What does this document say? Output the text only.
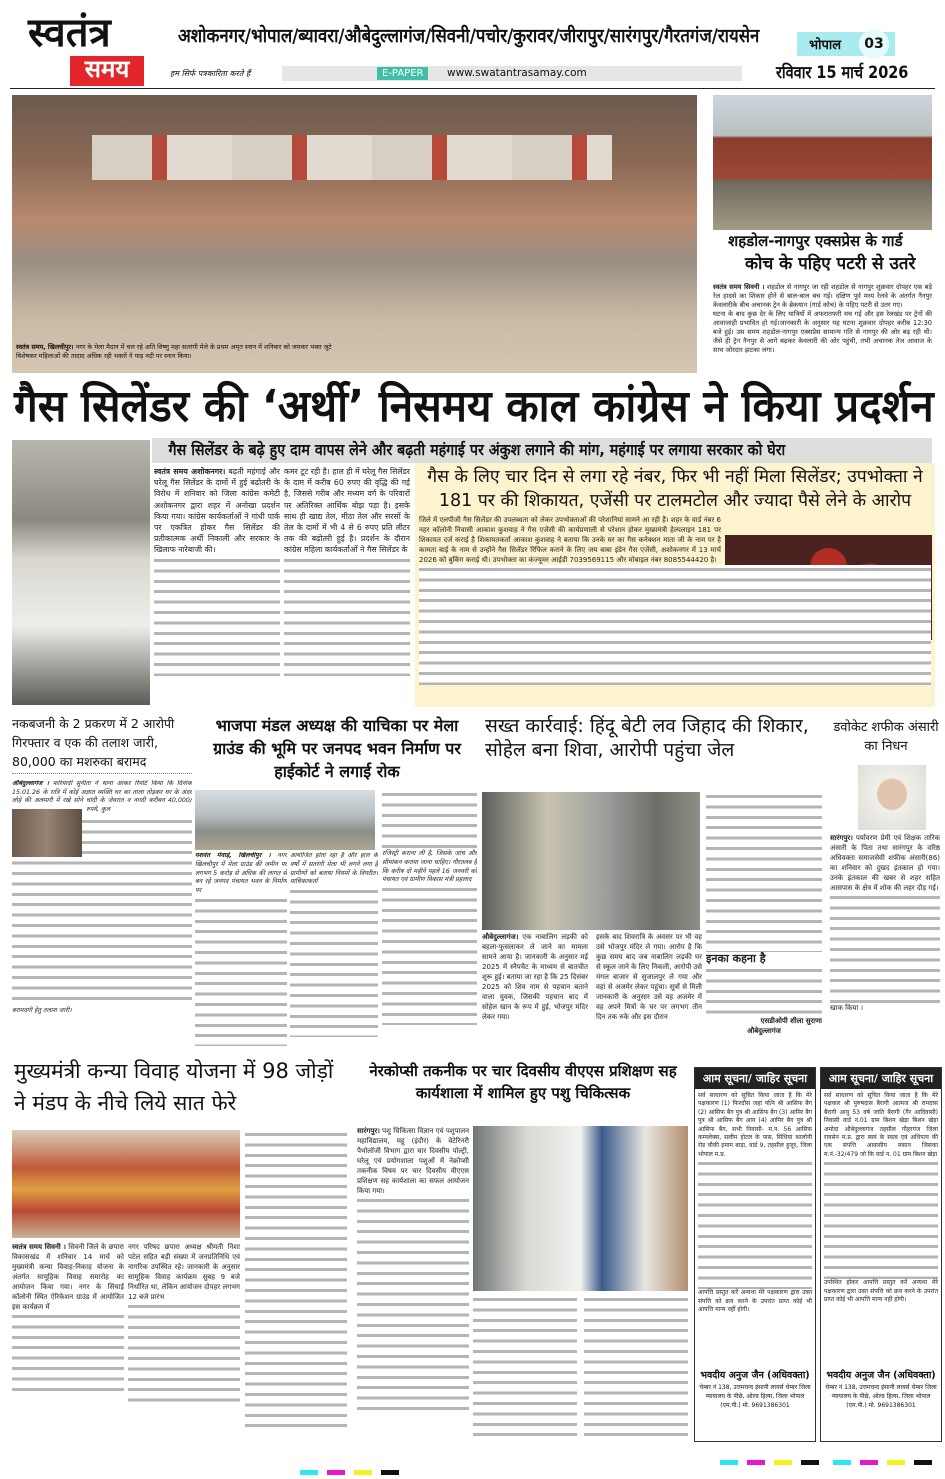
स्वतंत्र
समय
अशोकनगर/भोपाल/ब्यावरा/औबेदुल्लागंज/सिवनी/पचोर/कुरावर/जीरापुर/सारंगपुर/गैरतगंज/रायसेन	भोपाल	03
हम सिर्फ पत्रकारिता करते हैं	E-PAPER	www.swatantrasamay.com	रविवार 15 मार्च 2026
स्वतंत्र समय, खिलचीपुर। नगर के मेला मैदान में चल रहे अति विष्णु महा सतरंगी मेले के प्रथम अमृत स्नान में शनिवार को जमकर भक्त जुटे विशेषकर महिलाओं की तादाद अधिक रही भक्तों ने पाड़ नदी पर स्नान किया।
शहडोल-नागपुर एक्सप्रेस के गार्ड
कोच के पहिए पटरी से उतरे
स्वतंत्र समय सिवनी । शहडोल से नागपुर जा रही शहडोल से नागपुर शुक्रवार दोपहर एक बड़े रेल हादसे का शिकार होने से बाल-बाल बच गई। दक्षिण पूर्व मध्य रेलवे के अंतर्गत नैनपुर केवलारीके बीच अचानक ट्रेन के ब्रेकयान (गार्ड कोच) के पहिए पटरी से उतर गए।
घटना के बाद कुछ देर के लिए यात्रियों में अफरातफरी मच गई और इस रेलखंड पर ट्रेनों की आवाजाही प्रभावित हो गई।जानकारी के अनुसार यह घटना शुक्रवार दोपहर करीब 12:30 बजे हुई। उस समय शहडोल-नागपुर एक्सप्रेस सामान्य गति से नागपुर की ओर बढ़ रही थी। जैसे ही ट्रेन नैनपुर से आगे बढ़कर केवलारी की ओर पहुंची, तभी अचानक तेज आवाज के साथ जोरदार झटका लगा।
गैस सिलेंडर की ‘अर्थी’ निसमय काल कांग्रेस ने किया प्रदर्शन
गैस सिलेंडर के बढ़े हुए दाम वापस लेने और बढ़ती महंगाई पर अंकुश लगाने की मांग, महंगाई पर लगाया सरकार को घेरा
स्वतंत्र समय अशोकनगर। बढ़ती महंगाई और घरेलू गैस सिलेंडर के दामों में हुई बढ़ोतरी के विरोध में शनिवार को जिला कांग्रेस कमेटी अशोकनगर द्वारा शहर में अनोखा प्रदर्शन किया गया। कांग्रेस कार्यकर्ताओं ने गांधी पार्क पर एकत्रित होकर गैस सिलेंडर की प्रतीकात्मक अर्थी निकाली और सरकार के खिलाफ नारेबाजी की।
कमर टूट रही है। हाल ही में घरेलू गैस सिलेंडर के दाम में करीब 60 रुपए की वृद्धि की गई है, जिससे गरीब और मध्यम वर्ग के परिवारों पर अतिरिक्त आर्थिक बोझ पड़ा है। इसके साथ ही खाद्य तेल, मीठा तेल और सरसों के तेल के दामों में भी 4 से 6 रुपए प्रति लीटर तक की बढ़ोतरी हुई है। प्रदर्शन के दौरान कांग्रेस महिला कार्यकर्ताओं ने गैस सिलेंडर के
गैस के लिए चार दिन से लगा रहे नंबर, फिर भी नहीं मिला सिलेंडर; उपभोक्ता ने 181 पर की शिकायत, एजेंसी पर टालमटोल और ज्यादा पैसे लेने के आरोप
जिले में एलपीजी गैस सिलेंडर की उपलब्धता को लेकर उपभोक्ताओं की परेशानियां सामने आ रही हैं। शहर के वार्ड नंबर 6 नहर कॉलोनी निवासी आकाश कुशवाह ने गैस एजेंसी की कार्यप्रणाली से परेशान होकर मुख्यमंत्री हेल्पलाइन 181 पर शिकायत दर्ज कराई है शिकायतकर्ता आकाश कुशवाह ने बताया कि उनके घर का गैस कनेक्शन माता जी के नाम पर है कामता बाई के नाम से उन्होंने गैस सिलेंडर रिफिल कराने के लिए जय बाबा इंडेन गैस एजेंसी, अशोकनगर में 13 मार्च 2026 को बुकिंग कराई थी। उपभोक्ता का कंज्यूमर आईडी 7039569115 और मोबाइल नंबर 8085544420 है।
नकबजनी के 2 प्रकरण में 2 आरोपी गिरफ्तार व एक की तलाश जारी, 80,000 का मशरुका बरामद
औबेदुल्लागंज । फरियादी सुनीता ने थाना आकर रिपोर्ट किया कि दिनांक 15.01.26 के रात्रि में कोई अज्ञात व्यक्ति घर का ताला तोड़कर घर के अंदर लोहे की अलमारी में रखे सोने चांदी के जेवरात व नगदी करीबन 40,000/ रुपये, कुल
बरामदगी हेतु तलाश जारी।
भाजपा मंडल अध्यक्ष की याचिका पर मेला ग्राउंड की भूमि पर जनपद भवन निर्माण पर हाईकोर्ट ने लगाई रोक
यशवंत मेवाड़े, खिलचीपुर । नगर खिलचीपुर में मेला ग्राउंड की जमीन पर लगभग 5 करोड़ से अधिक की लागत से बन रहे जनपद पंचायत भवन के निर्माण पर
आयोजित होता रहा है और हाल के वर्षों में सतरंगी मेला भी लगने लगा है ग्रामीणों को बताया नियमों के विपरीत। याचिकाकर्ता
रजिस्ट्री कराना ली है, जिसके जांच और सीमांकन कराया जाना चाहिए। गौरतलब है कि करीब दो महीने पहले 16 जनवरी को पंचायत एवं ग्रामीण विकास मंत्री प्रहलाद
सख्त कार्रवाई: हिंदू बेटी लव जिहाद की शिकार, सोहेल बना शिवा, आरोपी पहुंचा जेल
औबेदुल्लागंज। एक नाबालिग लड़की को बहला-फुसलाकर ले जाने का मामला सामने आया है। जानकारी के अनुसार मई 2025 में स्नैपचैट के माध्यम से बातचीत शुरू हुई। बताया जा रहा है कि 25 दिसंबर 2025 को शिव नाम से पहचान बताने वाला युवक, जिसकी पहचान बाद में सोहेल खान के रूप में हुई, भोजपुर मंदिर लेकर गया।
इसके बाद शिवरात्रि के अवसर पर भी वह उसे भोजपुर मंदिर ले गया। आरोप है कि कुछ समय बाद जब नाबालिग लड़की घर से स्कूल जाने के लिए निकली, आरोपी उसे मंगल बाजार से सुजालपुर ले गया और वहां से अजमेर लेकर पहुंचा। सूत्रों से मिली जानकारी के अनुसार उसे वह अजमेर में वह अपने मित्रों के घर पर लगभग तीन दिन तक रुके और इस दौरान
इनका कहना है
एसडीओपी शीला सुराणा
औबेदुल्लागंज
डवोकेट शफीक अंसारी का निधन
सारंगपुर। पर्यावरण प्रेमी एवं शिक्षक तारिक अंसारी के पिता तथा सारंगपुर के वरिष्ठ अधिवक्ता समाजसेवी शफीक अंसारी(86) का शनिवार को दुखद इंतकाल हो गया। उनके इंतकाल की खबर से शहर सहित आसपास के क्षेत्र में शोक की लहर दौड़ गई।
खाक किया ।
मुख्यमंत्री कन्या विवाह योजना में 98 जोड़ों ने मंडप के नीचे लिये सात फेरे
स्वतंत्र समय सिवनी । सिवनी जिले के छपारा विकासखंड में शनिवार 14 मार्च को मुख्यमंत्री कन्या विवाह-निकाह योजना के अंतर्गत सामूहिक विवाह समारोह का आयोजन किया गया। नगर के सिंचाई कॉलोनी स्थित ऐरिकेशन ग्राउंड में आयोजित इस कार्यक्रम में
नगर परिषद छपारा अध्यक्ष श्रीमती निशा पटेल सहित बड़ी संख्या में जनप्रतिनिधि एवं नागरिक उपस्थित रहे। जानकारी के अनुसार सामूहिक विवाह कार्यक्रम सुबह 9 बजे निर्धारित था, लेकिन आयोजन दोपहर लगभग 12 बजे प्रारंभ
नेरकोप्सी तकनीक पर चार दिवसीय वीएएस प्रशिक्षण सह कार्यशाला में शामिल हुए पशु चिकित्सक
सारंगपुर। पशु चिकित्सा विज्ञान एवं पशुपालन महाविद्यालय, महू (इंदौर) के वेटेरिनरी पैथोलॉजी विभाग द्वारा चार दिवसीय पोल्ट्री, घरेलू एवं प्रयोगशाला पशुओं में नेक्रोप्सी तकनीक विषय पर चार दिवसीय वीएएस प्रशिक्षण सह कार्यशाला का सफल आयोजन किया गया।
आम सूचना/ जाहिर सूचना
सर्व साधारण को सूचित किया जाता है कि मेरे पक्षकारण (1) फिरदौस जहां पत्नि श्री आसिफ बैग (2) आसिफ बैग पुत्र श्री आसिफ बैग (3) आमिर बैग पुत्र श्री आसिफ बैग आय (4) आमिर बैग पुत्र श्री आसिफ बैग, सभी निवासी- म.न. 56 आसिफ कम्पलेक्स, सलीम होटल के पास, सिंधिया कालोनी रोड चौकी इमाम बाड़ा, वार्ड 9, तहसील हुजूर, जिला भोपाल म.प्र.
आपत्ति प्रस्तुत करें अन्यथा मेरे पक्षकारण द्वारा उक्त संपत्ति को क्रय करने के उपरांत प्राप्त कोई भी आपत्ति मान्य नहीं होगी।
भवदीय अनुज जैन (अधिवक्ता)
चेम्बर नं 138, उत्तमचन्द इंसानी लायर्स चेम्बर जिला न्यायालय के पीछे, ओल्ड हिल्स, जिला भोपाल (एम.पी.) मो. 9691386301
आम सूचना/ जाहिर सूचना
सर्व साधारण को सूचित किया जाता है कि मेरे पक्षकार श्री पुरुषदास बैरागी आत्मज श्री रामदास बैरागी आयु 53 वर्ष जाति बैरागी (गैर आदिवासी) निवासी वार्ड न.01 ग्राम बिशन खेड़ा बिशन खेड़ा अमोदा औबेदुल्लागंज तहसील गौहरगंज जिला रायसेन म.प्र. द्वारा स्वयं के स्वत्व एवं अधिपत्य की एक संपत्ति आवासीय मकान जिसका म.नं.-32/479 जो कि वार्ड न. 01 ग्राम बिशन खेड़ा
उपस्थित होकर आपत्ति प्रस्तुत करें अन्यथा मेरे पक्षकारण द्वारा उक्त संपत्ति को क्रय करने के उपरांत प्राप्त कोई भी आपत्ति मान्य नहीं होगी।
भवदीय अनुज जैन (अधिवक्ता)
चेम्बर नं 138, उत्तमचन्द इंसानी लायर्स चेम्बर जिला न्यायालय के पीछे, ओल्ड हिल्स, जिला भोपाल (एम.पी.) मो. 9691386301
